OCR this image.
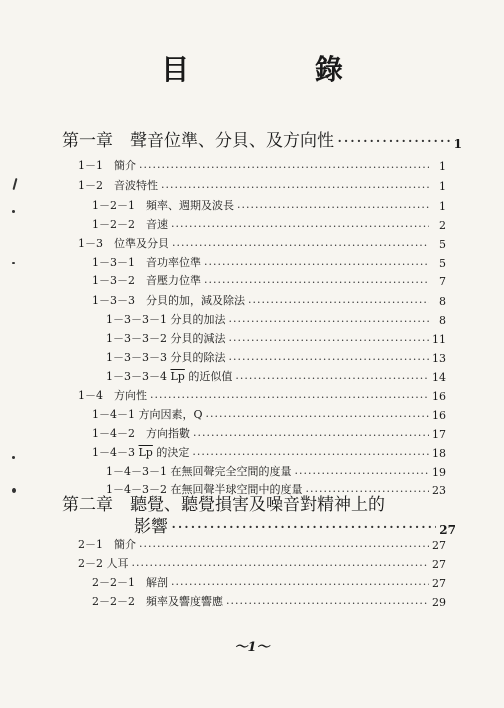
目 錄
第一章　聲音位準、分貝、及方向性 ·····	1
1－1　簡介 ·····	1
1－2　音波特性 ·····	1
1－2－1　頻率、週期及波長 ·····	1
1－2－2　音速 ·····	2
1－3　位準及分貝 ·····	5
1－3－1　音功率位準 ·····	5
1－3－2　音壓力位準 ·····	7
1－3－3　分貝的加，減及除法 ·····	8
1－3－3－1 分貝的加法 ·····	8
1－3－3－2 分貝的減法 ·····	11
1－3－3－3 分貝的除法 ·····	13
1－3－3－4 $\overline{Lp}$ 的近似值 ·····	14
1－4　方向性 ·····	16
1－4－1 方向因素，Q ·····	16
1－4－2　方向指數 ·····	17
1－4－3 $\overline{Lp}$ 的決定 ·····	18
1－4－3－1 在無回聲完全空間的度量 ·····	19
1－4－3－2 在無回聲半球空間中的度量 ·····	23
第二章　聽覺、聽覺損害及噪音對精神上的
影響 ·····	27
2－1　簡介 ·····	27
2－2 人耳 ·····	27
2－2－1　解剖 ·····	27
2－2－2　頻率及響度響應 ·····	29
～1～
